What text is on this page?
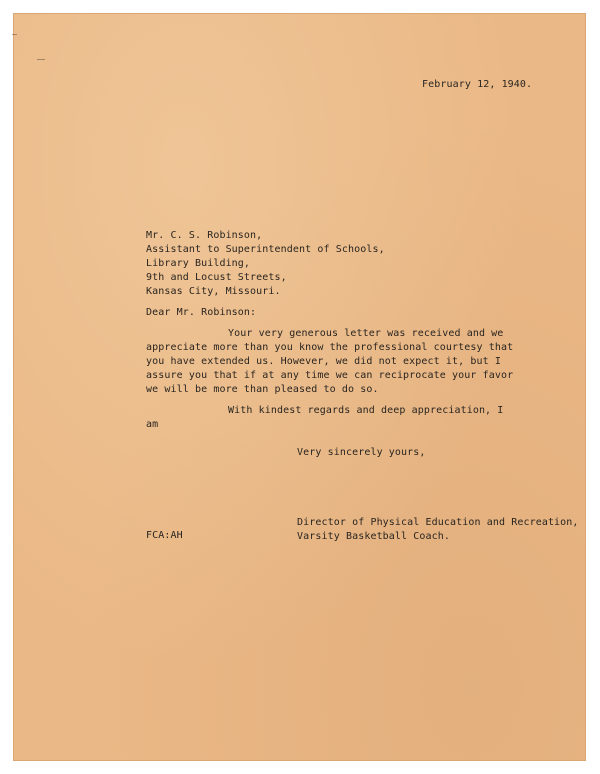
February 12, 1940.
Mr. C. S. Robinson,
Assistant to Superintendent of Schools,
Library Building,
9th and Locust Streets,
Kansas City, Missouri.
Dear Mr. Robinson:
Your very generous letter was received and we
appreciate more than you know the professional courtesy that
you have extended us. However, we did not expect it, but I
assure you that if at any time we can reciprocate your favor
we will be more than pleased to do so.
With kindest regards and deep appreciation, I
am
Very sincerely yours,
Director of Physical Education and Recreation,
Varsity Basketball Coach.
FCA:AH
